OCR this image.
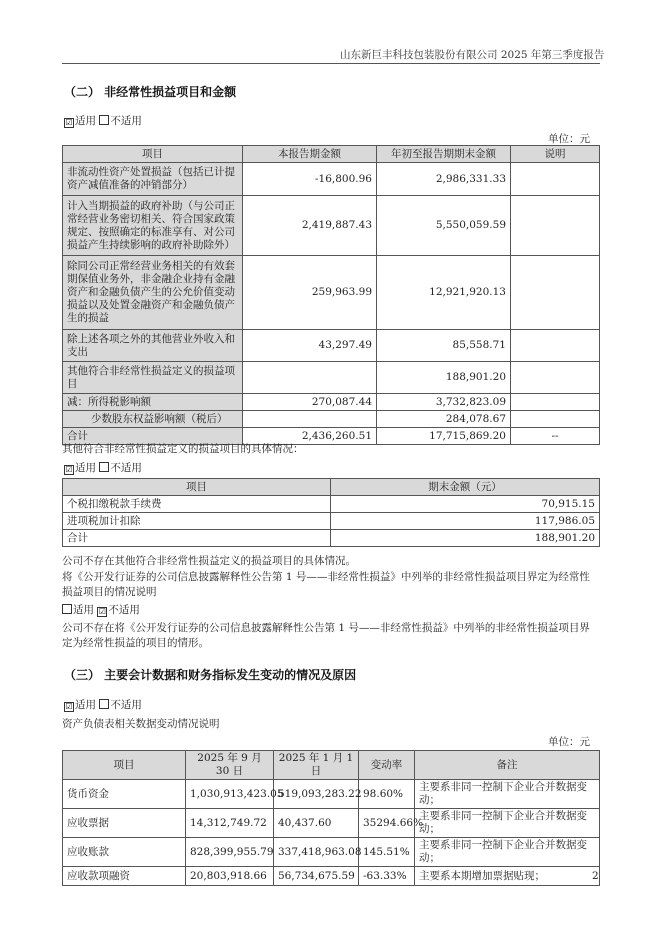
山东新巨丰科技包装股份有限公司 2025 年第三季度报告
（二） 非经常性损益项目和金额
☑ 适用 不适用
单位：元
项目	本报告期金额	年初至报告期期末金额	说明
非流动性资产处置损益（包括已计提资产减值准备的冲销部分）	-16,800.96	2,986,331.33	
计入当期损益的政府补助（与公司正常经营业务密切相关、符合国家政策规定、按照确定的标准享有、对公司损益产生持续影响的政府补助除外）	2,419,887.43	5,550,059.59	
除同公司正常经营业务相关的有效套期保值业务外，非金融企业持有金融资产和金融负债产生的公允价值变动损益以及处置金融资产和金融负债产生的损益	259,963.99	12,921,920.13	
除上述各项之外的其他营业外收入和支出	43,297.49	85,558.71	
其他符合非经常性损益定义的损益项目		188,901.20	
减：所得税影响额	270,087.44	3,732,823.09	
少数股东权益影响额（税后）		284,078.67	
合计	2,436,260.51	17,715,869.20	--
其他符合非经常性损益定义的损益项目的具体情况：
☑ 适用 不适用
项目	期末金额（元）
个税扣缴税款手续费	70,915.15
进项税加计扣除	117,986.05
合计	188,901.20
公司不存在其他符合非经常性损益定义的损益项目的具体情况。
将《公开发行证券的公司信息披露解释性公告第 1 号——非经常性损益》中列举的非经常性损益项目界定为经常性损益项目的情况说明
适用 ☑ 不适用
公司不存在将《公开发行证券的公司信息披露解释性公告第 1 号——非经常性损益》中列举的非经常性损益项目界定为经常性损益的项目的情形。
（三） 主要会计数据和财务指标发生变动的情况及原因
☑ 适用 不适用
资产负债表相关数据变动情况说明
单位：元
项目	2025 年 9 月 30 日	2025 年 1 月 1 日	变动率	备注
货币资金	1,030,913,423.05	519,093,283.22	98.60%	主要系非同一控制下企业合并数据变动；
应收票据	14,312,749.72	40,437.60	35294.66%	主要系非同一控制下企业合并数据变动；
应收账款	828,399,955.79	337,418,963.08	145.51%	主要系非同一控制下企业合并数据变动；
应收款项融资	20,803,918.66	56,734,675.59	-63.33%	主要系本期增加票据贴现；	2
